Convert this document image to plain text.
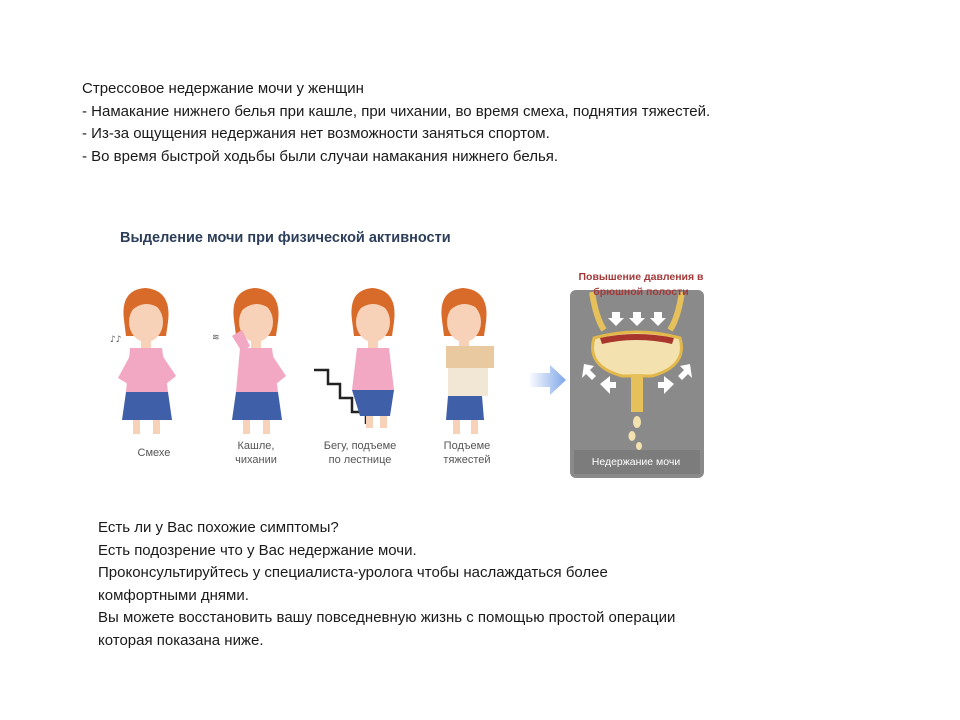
Стрессовое недержание мочи у женщин
- Намакание нижнего белья при кашле, при чихании, во время смеха, поднятия тяжестей.
- Из-за ощущения недержания нет возможности заняться спортом.
- Во время быстрой ходьбы были случаи намакания нижнего белья.
Выделение мочи при физической активности
♪♪	≋
Смехе
Кашле,
чихании
Бегу, подъеме
по лестнице
Подъеме
тяжестей
Повышение давления в
брюшной полости
Недержание мочи
Есть ли у Вас похожие симптомы?
Есть подозрение что у Вас недержание мочи.
Проконсультируйтесь у специалиста-уролога чтобы наслаждаться более
комфортными днями.
Вы можете восстановить вашу повседневную жизнь с помощью простой операции
которая показана ниже.
